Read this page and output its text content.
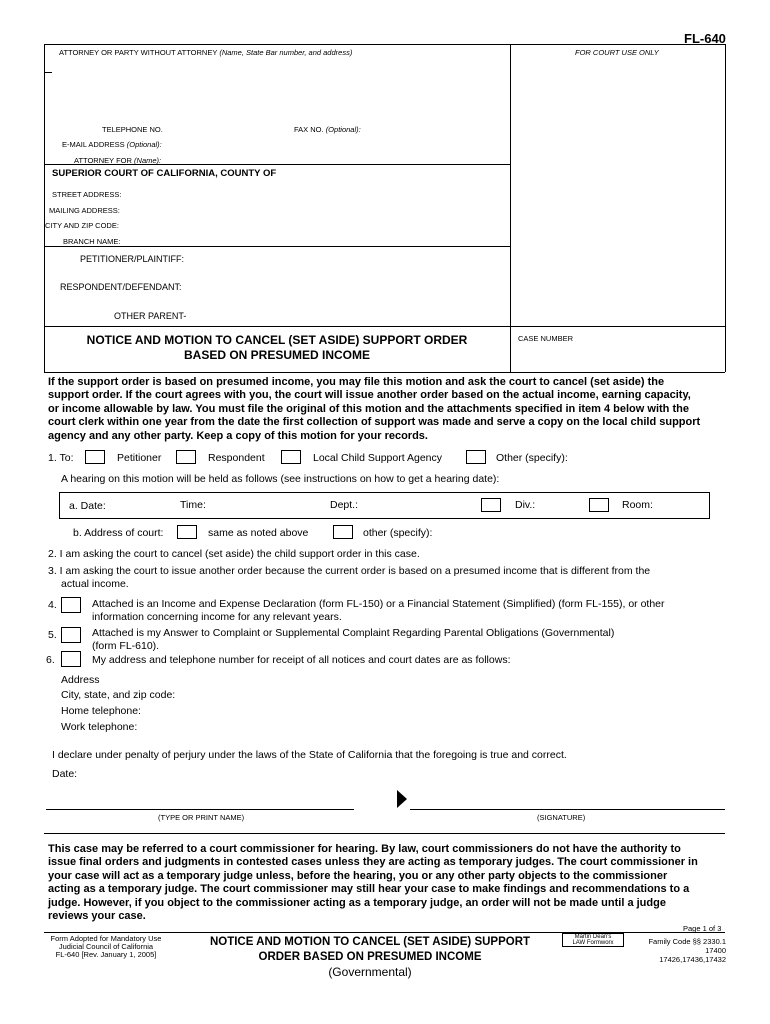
FL-640
ATTORNEY OR PARTY WITHOUT ATTORNEY (Name, State Bar number, and address)	FOR COURT USE ONLY
TELEPHONE NO.	FAX NO. (Optional):
E-MAIL ADDRESS (Optional):
ATTORNEY FOR (Name):
SUPERIOR COURT OF CALIFORNIA, COUNTY OF
STREET ADDRESS:
MAILING ADDRESS:
CITY AND ZIP CODE:
BRANCH NAME:
PETITIONER/PLAINTIFF:
RESPONDENT/DEFENDANT:
OTHER PARENT-
NOTICE AND MOTION TO CANCEL (SET ASIDE) SUPPORT ORDER
BASED ON PRESUMED INCOME
CASE NUMBER
If the support order is based on presumed income, you may file this motion and ask the court to cancel (set aside) the
support order. If the court agrees with you, the court will issue another order based on the actual income, earning capacity,
or income allowable by law. You must file the original of this motion and the attachments specified in item 4 below with the
court clerk within one year from the date the first collection of support was made and serve a copy on the local child support
agency and any other party. Keep a copy of this motion for your records.
1. To:	Petitioner	Respondent	Local Child Support Agency	Other (specify):
A hearing on this motion will be held as follows (see instructions on how to get a hearing date):
a. Date:	Time:	Dept.:	Div.:	Room:
b. Address of court:	same as noted above	other (specify):
2. I am asking the court to cancel (set aside) the child support order in this case.
3. I am asking the court to issue another order because the current order is based on a presumed income that is different from the
actual income.
4.	Attached is an Income and Expense Declaration (form FL-150) or a Financial Statement (Simplified) (form FL-155), or other
information concerning income for any relevant years.
5.	Attached is my Answer to Complaint or Supplemental Complaint Regarding Parental Obligations (Governmental)
(form FL-610).
6.	My address and telephone number for receipt of all notices and court dates are as follows:
Address
City, state, and zip code:
Home telephone:
Work telephone:
I declare under penalty of perjury under the laws of the State of California that the foregoing is true and correct.
Date:
(TYPE OR PRINT NAME)	(SIGNATURE)
This case may be referred to a court commissioner for hearing. By law, court commissioners do not have the authority to
issue final orders and judgments in contested cases unless they are acting as temporary judges. The court commissioner in
your case will act as a temporary judge unless, before the hearing, you or any other party objects to the commissioner
acting as a temporary judge. The court commissioner may still hear your case to make findings and recommendations to a
judge. However, if you object to the commissioner acting as a temporary judge, an order will not be made until a judge
reviews your case.
Page 1 of 3
Form Adopted for Mandatory Use
Judicial Council of California
FL-640 [Rev. January 1, 2005]
NOTICE AND MOTION TO CANCEL (SET ASIDE) SUPPORT
ORDER BASED ON PRESUMED INCOME
(Governmental)
Martin Dean's
LAW Formworx	Family Code §§ 2330.1 17400
17426,17436,17432
